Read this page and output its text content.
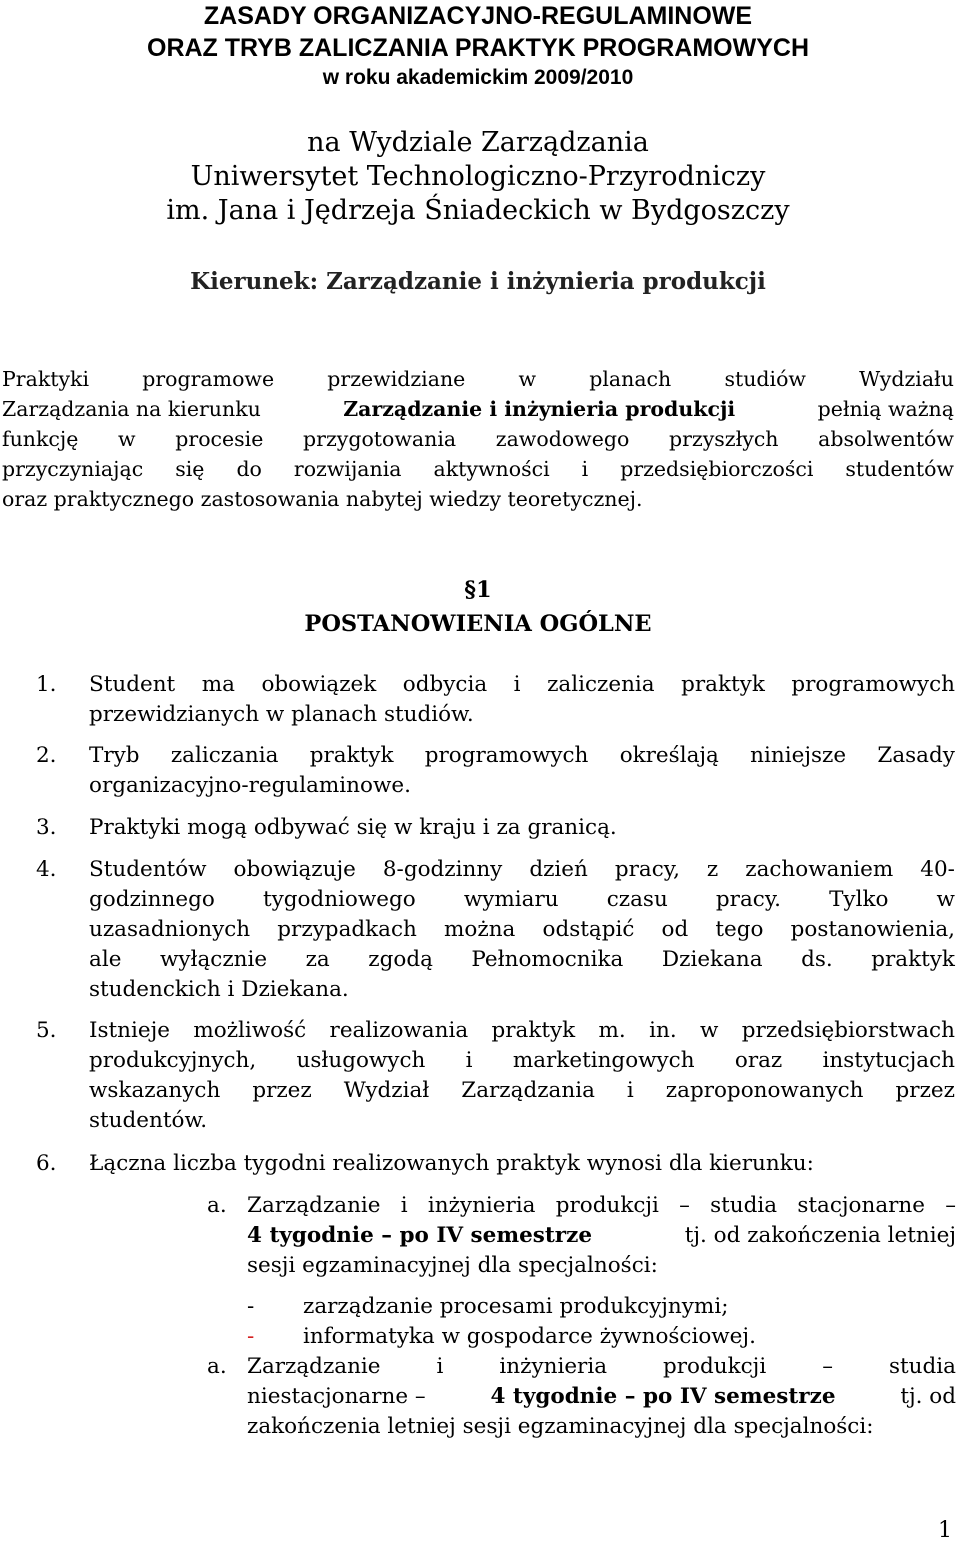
ZASADY ORGANIZACYJNO-REGULAMINOWE
ORAZ TRYB ZALICZANIA PRAKTYK PROGRAMOWYCH
w roku akademickim 2009/2010
na Wydziale Zarządzania
Uniwersytet Technologiczno-Przyrodniczy
im. Jana i Jędrzeja Śniadeckich w Bydgoszczy
Kierunek: Zarządzanie i inżynieria produkcji
Praktyki	programowe	przewidziane	w	planach	studiów	Wydziału
Zarządzania na kierunku	Zarządzanie i inżynieria produkcji	pełnią ważną
funkcję w procesie przygotowania zawodowego przyszłych absolwentów
przyczyniając się do rozwijania aktywności i przedsiębiorczości studentów
oraz praktycznego zastosowania nabytej wiedzy teoretycznej.
§1
POSTANOWIENIA OGÓLNE
1.	Student ma obowiązek odbycia i zaliczenia praktyk programowych
przewidzianych w planach studiów.
2.	Tryb zaliczania praktyk programowych określają niniejsze Zasady
organizacyjno-regulaminowe.
3.	Praktyki mogą odbywać się w kraju i za granicą.
4.	Studentów obowiązuje 8-godzinny dzień pracy, z zachowaniem 40-
godzinnego tygodniowego wymiaru czasu pracy. Tylko w
uzasadnionych przypadkach można odstąpić od tego postanowienia,
ale wyłącznie za zgodą Pełnomocnika Dziekana ds. praktyk
studenckich i Dziekana.
5.	Istnieje możliwość realizowania praktyk m. in. w przedsiębiorstwach
produkcyjnych, usługowych i marketingowych oraz instytucjach
wskazanych przez Wydział Zarządzania i zaproponowanych przez
studentów.
6.	Łączna liczba tygodni realizowanych praktyk wynosi dla kierunku:
a. Zarządzanie i inżynieria produkcji – studia stacjonarne –
4 tygodnie – po IV semestrze	tj. od zakończenia letniej
sesji egzaminacyjnej dla specjalności:
- zarządzanie procesami produkcyjnymi;
- informatyka w gospodarce żywnościowej.
a. Zarządzanie	i	inżynieria	produkcji	–	studia
niestacjonarne –	4 tygodnie – po IV semestrze	tj. od
zakończenia letniej sesji egzaminacyjnej dla specjalności:
1
